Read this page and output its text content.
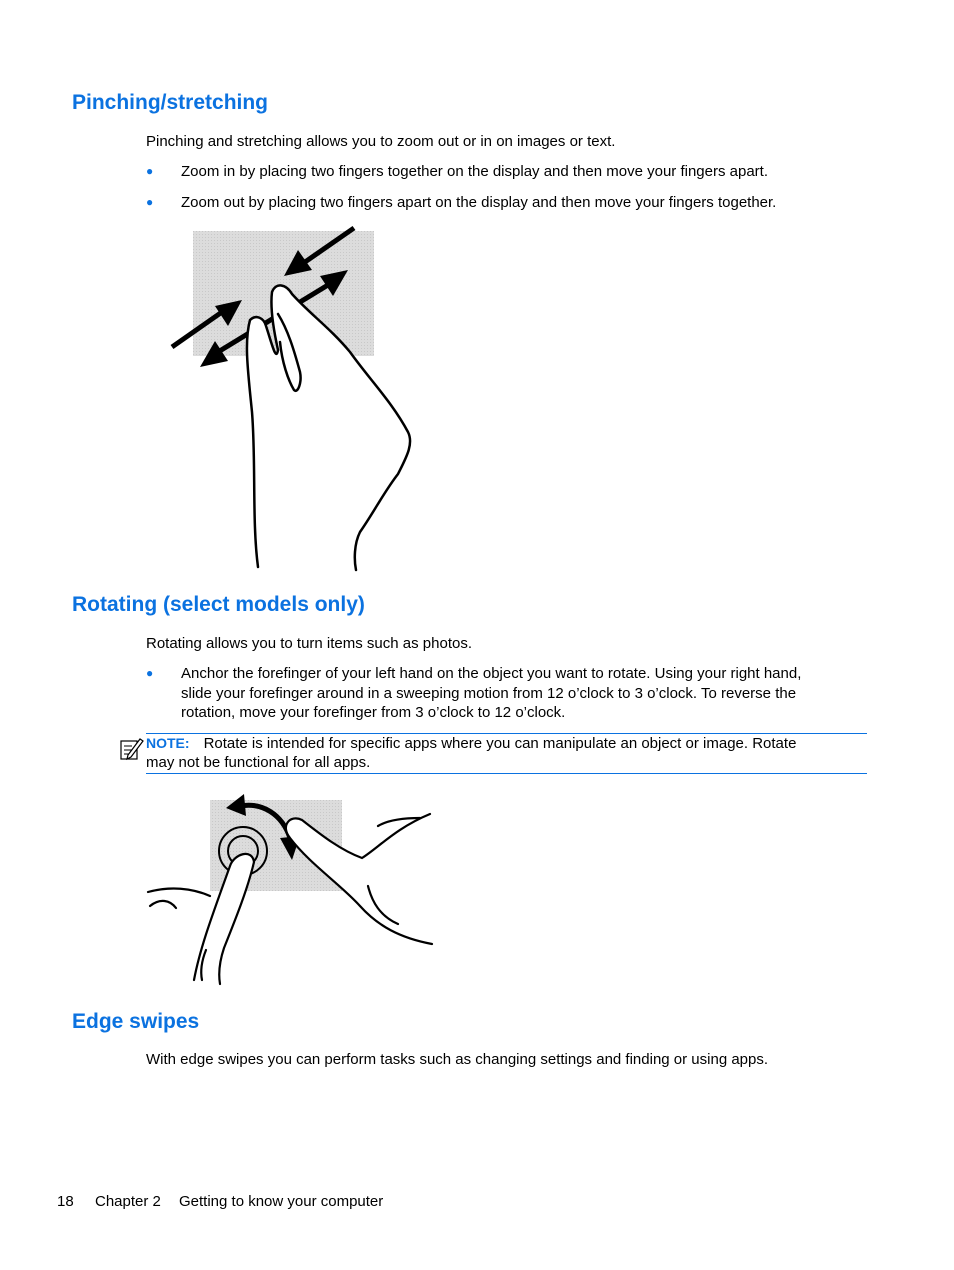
Pinching/stretching
Pinching and stretching allows you to zoom out or in on images or text.
● Zoom in by placing two fingers together on the display and then move your fingers apart.
● Zoom out by placing two fingers apart on the display and then move your fingers together.
Rotating (select models only)
Rotating allows you to turn items such as photos.
● Anchor the forefinger of your left hand on the object you want to rotate. Using your right hand,
slide your forefinger around in a sweeping motion from 12 o’clock to 3 o’clock. To reverse the
rotation, move your forefinger from 3 o’clock to 12 o’clock.
NOTE: Rotate is intended for specific apps where you can manipulate an object or image. Rotate
may not be functional for all apps.
Edge swipes
With edge swipes you can perform tasks such as changing settings and finding or using apps.
18 Chapter 2 Getting to know your computer
